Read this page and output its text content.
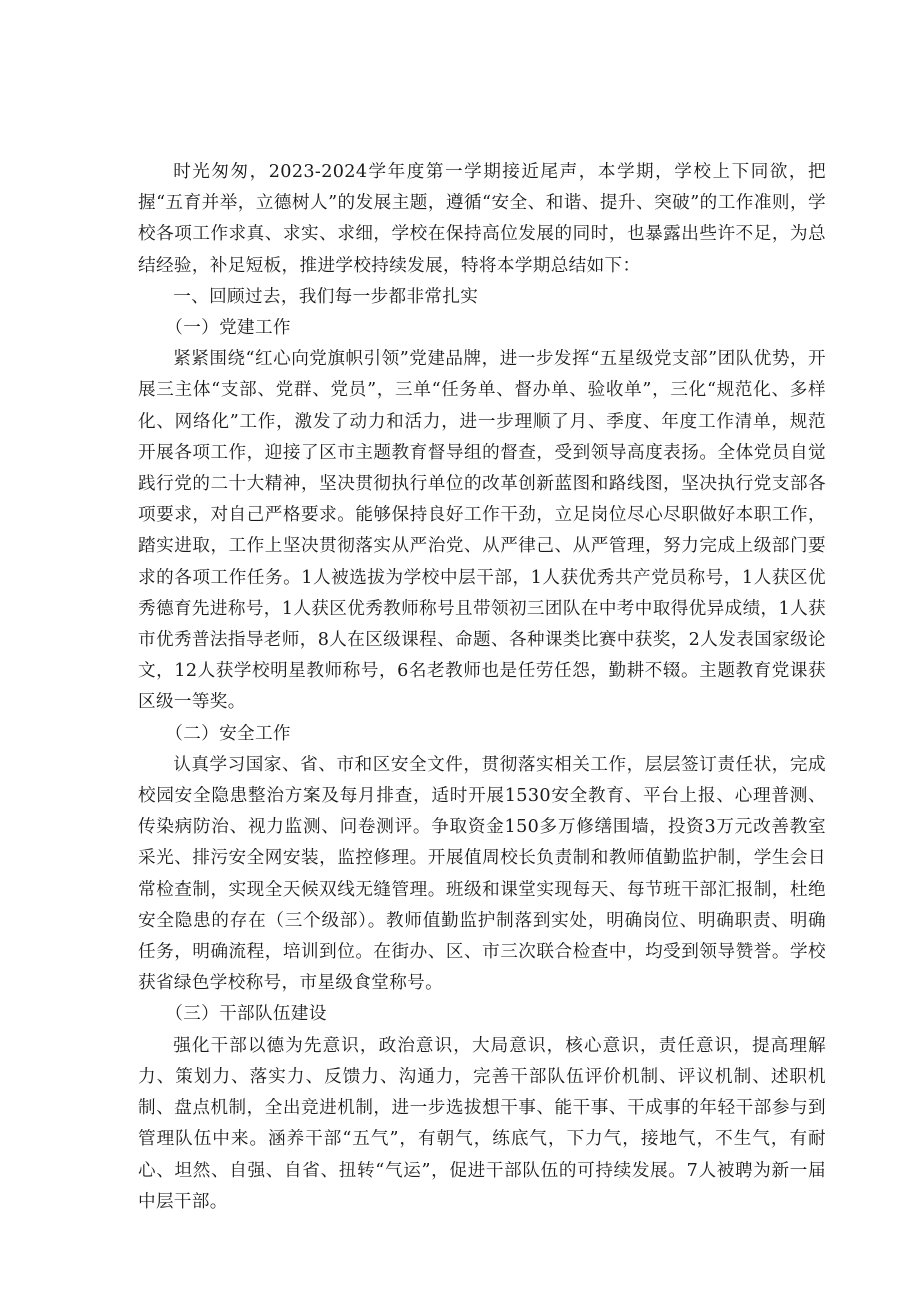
时光匆匆，2023-2024学年度第一学期接近尾声，本学期，学校上下同欲，把握“五育并举，立德树人”的发展主题，遵循“安全、和谐、提升、突破”的工作准则，学校各项工作求真、求实、求细，学校在保持高位发展的同时，也暴露出些许不足，为总结经验，补足短板，推进学校持续发展，特将本学期总结如下：

一、回顾过去，我们每一步都非常扎实

（一）党建工作

紧紧围绕“红心向党旗帜引领”党建品牌，进一步发挥“五星级党支部”团队优势，开展三主体“支部、党群、党员”，三单“任务单、督办单、验收单”，三化“规范化、多样化、网络化”工作，激发了动力和活力，进一步理顺了月、季度、年度工作清单，规范开展各项工作，迎接了区市主题教育督导组的督查，受到领导高度表扬。全体党员自觉践行党的二十大精神，坚决贯彻执行单位的改革创新蓝图和路线图，坚决执行党支部各项要求，对自己严格要求。能够保持良好工作干劲，立足岗位尽心尽职做好本职工作，踏实进取，工作上坚决贯彻落实从严治党、从严律己、从严管理，努力完成上级部门要求的各项工作任务。1人被选拔为学校中层干部，1人获优秀共产党员称号，1人获区优秀德育先进称号，1人获区优秀教师称号且带领初三团队在中考中取得优异成绩，1人获市优秀普法指导老师，8人在区级课程、命题、各种课类比赛中获奖，2人发表国家级论文，12人获学校明星教师称号，6名老教师也是任劳任怨，勤耕不辍。主题教育党课获区级一等奖。

（二）安全工作

认真学习国家、省、市和区安全文件，贯彻落实相关工作，层层签订责任状，完成校园安全隐患整治方案及每月排查，适时开展1530安全教育、平台上报、心理普测、传染病防治、视力监测、问卷测评。争取资金150多万修缮围墙，投资3万元改善教室采光、排污安全网安装，监控修理。开展值周校长负责制和教师值勤监护制，学生会日常检查制，实现全天候双线无缝管理。班级和课堂实现每天、每节班干部汇报制，杜绝安全隐患的存在（三个级部）。教师值勤监护制落到实处，明确岗位、明确职责、明确任务，明确流程，培训到位。在街办、区、市三次联合检查中，均受到领导赞誉。学校获省绿色学校称号，市星级食堂称号。

（三）干部队伍建设

强化干部以德为先意识，政治意识，大局意识，核心意识，责任意识，提高理解力、策划力、落实力、反馈力、沟通力，完善干部队伍评价机制、评议机制、述职机制、盘点机制，全出竞进机制，进一步选拔想干事、能干事、干成事的年轻干部参与到管理队伍中来。涵养干部“五气”，有朝气，练底气，下力气，接地气，不生气，有耐心、坦然、自强、自省、扭转“气运”，促进干部队伍的可持续发展。7人被聘为新一届中层干部。
